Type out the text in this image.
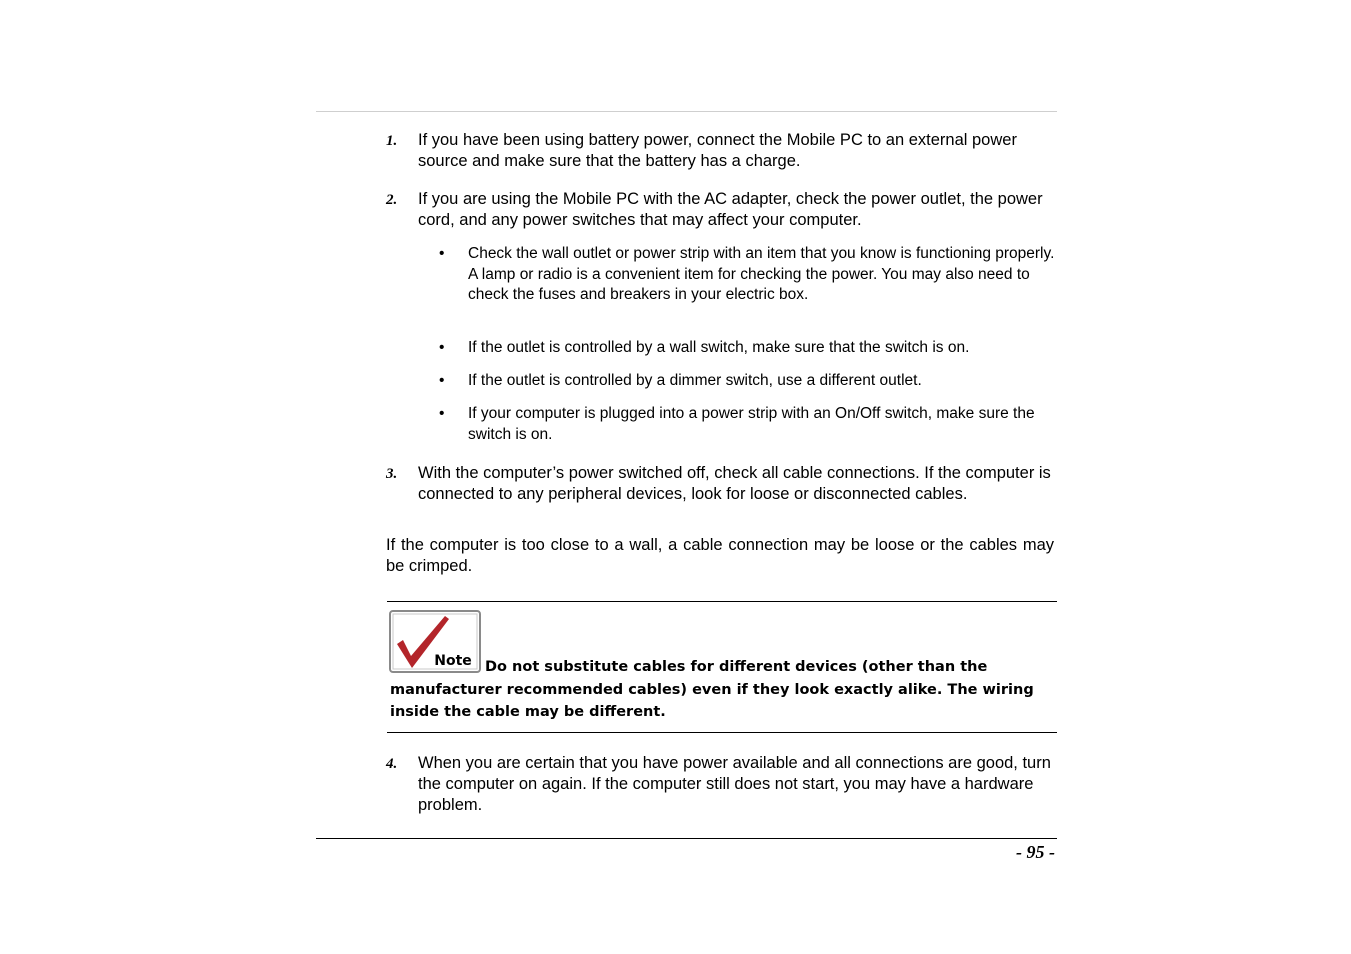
1. If you have been using battery power, connect the Mobile PC to an external power source and make sure that the battery has a charge.
2. If you are using the Mobile PC with the AC adapter, check the power outlet, the power cord, and any power switches that may affect your computer.
• Check the wall outlet or power strip with an item that you know is functioning properly. A lamp or radio is a convenient item for checking the power. You may also need to check the fuses and breakers in your electric box.
• If the outlet is controlled by a wall switch, make sure that the switch is on.
• If the outlet is controlled by a dimmer switch, use a different outlet.
• If your computer is plugged into a power strip with an On/Off switch, make sure the switch is on.
3. With the computer’s power switched off, check all cable connections. If the computer is connected to any peripheral devices, look for loose or disconnected cables.
If the computer is too close to a wall, a cable connection may be loose or the cables may be crimped.
Note Do not substitute cables for different devices (other than the manufacturer recommended cables) even if they look exactly alike. The wiring inside the cable may be different.
4. When you are certain that you have power available and all connections are good, turn the computer on again. If the computer still does not start, you may have a hardware problem.
- 95 -
